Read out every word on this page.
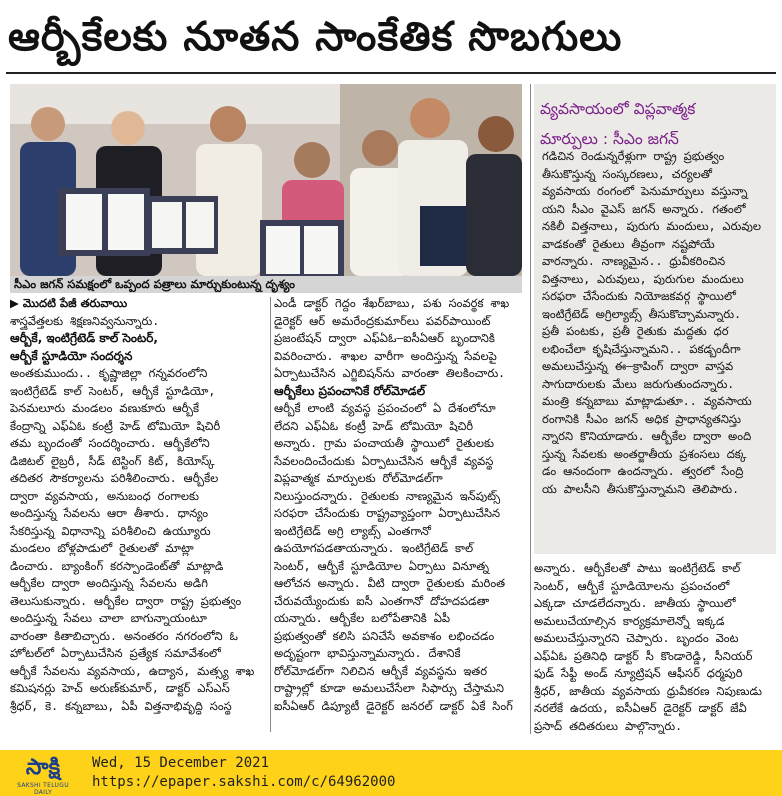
ఆర్బీకేలకు నూతన సాంకేతిక సొబగులు
సీఎం జగన్‌ సమక్షంలో ఒప్పంద పత్రాలు మార్చుకుంటున్న దృశ్యం
▶ మొదటి పేజీ తరువాయి
శాస్త్రవేత్తలకు శిక్షణనివ్వనున్నారు.
ఆర్బీకే, ఇంటిగ్రేటెడ్ కాల్ సెంటర్,
ఆర్బీకే స్టూడియో సందర్శన
అంతకుముందు.. కృష్ణాజిల్లా గన్నవరంలోని
ఇంటిగ్రేటెడ్ కాల్ సెంటర్, ఆర్బీకే స్టూడియో,
పెనమలూరు మండలం వణుకూరు ఆర్బీకే
కేంద్రాన్ని ఎఫ్ఏఓ కంట్రీ హెడ్ టోమియో షిచిరీ
తమ బృందంతో సందర్శించారు. ఆర్బీకేలోని
డిజిటల్ లైబ్రరీ, సీడ్ టెస్టింగ్ కిట్, కియోస్క్
తదితర సౌకర్యాలను పరిశీలించారు. ఆర్బీకేల
ద్వారా వ్యవసాయ, అనుబంధ రంగాలకు
అందిస్తున్న సేవలను ఆరా తీశారు. ధాన్యం
సేకరిస్తున్న విధానాన్ని పరిశీలించి ఉయ్యూరు
మండలం బోళ్లపాడులో రైతులతో మాట్లా
డించారు. బ్యాంకింగ్ కరస్పాండెంట్‌తో మాట్లాడి
ఆర్బీకేల ద్వారా అందిస్తున్న సేవలను అడిగి
తెలుసుకున్నారు. ఆర్బీకేల ద్వారా రాష్ట్ర ప్రభుత్వం
అందిస్తున్న సేవలు చాలా బాగున్నాయంటూ
వారంతా కితాబిచ్చారు. అనంతరం నగరంలోని ఓ
హోటల్‌లో ఏర్పాటుచేసిన ప్రత్యేక సమావేశంలో
ఆర్బీకే సేవలను వ్యవసాయ, ఉద్యాన, మత్స్య శాఖ
కమిషనర్లు హెచ్ అరుణ్‌కుమార్, డాక్టర్ ఎస్ఎస్
శ్రీధర్, కె. కన్నబాబు, ఏపీ విత్తనాభివృద్ధి సంస్థ
ఎండీ డాక్టర్ గెద్దం శేఖర్‌బాబు, పశు సంవర్థక శాఖ
డైరెక్టర్ ఆర్ అమరేంద్రకుమార్‌లు పవర్‌పాయింట్
ప్రజంటేషన్ ద్వారా ఎఫ్ఏఓ–ఐసీఏఆర్ బృందానికి
వివరించారు. శాఖల వారీగా అందిస్తున్న సేవలపై
ఏర్పాటుచేసిన ఎగ్జిబిషన్‌ను వారంతా తిలకించారు.
ఆర్బీకేలు ప్రపంచానికే రోల్‌మోడల్
ఆర్బీకే లాంటి వ్యవస్థ ప్రపంచంలో ఏ దేశంలోనూ
లేదని ఎఫ్ఏఓ కంట్రీ హెడ్ టోమియో షిచిరీ
అన్నారు. గ్రామ పంచాయతీ స్థాయిలో రైతులకు
సేవలందించేందుకు ఏర్పాటుచేసిన ఆర్బీకే వ్యవస్థ
విప్లవాత్మక మార్పులకు రోల్‌మోడల్‌గా
నిలుస్తుందన్నారు. రైతులకు నాణ్యమైన ఇన్‌పుట్స్
సరఫరా చేసేందుకు రాష్ట్రవ్యాప్తంగా ఏర్పాటుచేసిన
ఇంటిగ్రేటెడ్ అగ్రి ల్యాబ్స్ ఎంతగానో
ఉపయోగపడతాయన్నారు. ఇంటిగ్రేటెడ్ కాల్
సెంటర్, ఆర్బీకే స్టూడియోల ఏర్పాటు వినూత్న
ఆలోచన అన్నారు. వీటి ద్వారా రైతులకు మరింత
చేరువయ్యేందుకు ఐసీ ఎంతగానో దోహదపడతా
యన్నారు. ఆర్బీకేల బలోపేతానికి ఏపీ
ప్రభుత్వంతో కలిసి పనిచేసే అవకాశం లభించడం
అదృష్టంగా భావిస్తున్నామన్నారు. దేశానికే
రోల్‌మోడల్‌గా నిలిచిన ఆర్బీకే వ్యవస్థను ఇతర
రాష్ట్రాల్లో కూడా అమలుచేసేలా సిఫార్సు చేస్తామని
ఐసీఏఆర్ డిప్యూటీ డైరెక్టర్ జనరల్ డాక్టర్ ఏకే సింగ్
వ్యవసాయంలో విప్లవాత్మక
మార్పులు : సీఎం జగన్
గడిచిన రెండున్నరేళ్లుగా రాష్ట్ర ప్రభుత్వం
తీసుకొస్తున్న సంస్కరణలు, చర్యలతో
వ్యవసాయ రంగంలో పెనుమార్పులు వస్తున్నా
యని సీఎం వైఎస్ జగన్ అన్నారు. గతంలో
నకిలీ విత్తనాలు, పురుగు మందులు, ఎరువుల
వాడకంతో రైతులు తీవ్రంగా నష్టపోయే
వారన్నారు. నాణ్యమైన.. ధ్రువీకరించిన
విత్తనాలు, ఎరువులు, పురుగుల మందులు
సరఫరా చేసేందుకు నియోజకవర్గ స్థాయిలో
ఇంటిగ్రేటెడ్ అగ్రిల్యాబ్స్ తీసుకొచ్చామన్నారు.
ప్రతీ పంటకు, ప్రతీ రైతుకు మద్దతు ధర
లభించేలా కృషిచేస్తున్నామని.. పకడ్బందీగా
అమలుచేస్తున్న ఈ–క్రాపింగ్ ద్వారా వాస్తవ
సాగుదారులకు మేలు జరుగుతుందన్నారు.
మంత్రి కన్నబాబు మాట్లాడుతూ.. వ్యవసాయ
రంగానికి సీఎం జగన్ అధిక ప్రాధాన్యతనిస్తు
న్నారని కొనియాడారు. ఆర్బీకేల ద్వారా అంది
స్తున్న సేవలకు అంతర్జాతీయ ప్రశంసలు దక్క
డం ఆనందంగా ఉందన్నారు. త్వరలో సేంద్రి
య పాలసీని తీసుకొస్తున్నామని తెలిపారు.
అన్నారు. ఆర్బీకేలతో పాటు ఇంటిగ్రేటెడ్ కాల్
సెంటర్, ఆర్బీకే స్టూడియోలను ప్రపంచంలో
ఎక్కడా చూడలేదన్నారు. జాతీయ స్థాయిలో
అమలుచేయాల్సిన కార్యక్రమాలెన్నో ఇక్కడ
అమలుచేస్తున్నారని చెప్పారు. బృందం వెంట
ఎఫ్ఏఓ ప్రతినిధి డాక్టర్ సీ కొండారెడ్డి, సీనియర్
ఫుడ్ సేఫ్టీ అండ్ న్యూట్రిషన్ ఆఫీసర్ ధర్మపురి
శ్రీధర్, జాతీయ వ్యవసాయ ధ్రువీకరణ నిపుణుడు
నరలేకే ఉదయ, ఐసీఏఆర్ డైరెక్టర్ డాక్టర్ జేవీ
ప్రసాద్ తదితరులు పాల్గొన్నారు.
సాక్షి
SAKSHI TELUGU DAILY
Wed, 15 December 2021
https://epaper.sakshi.com/c/64962000
